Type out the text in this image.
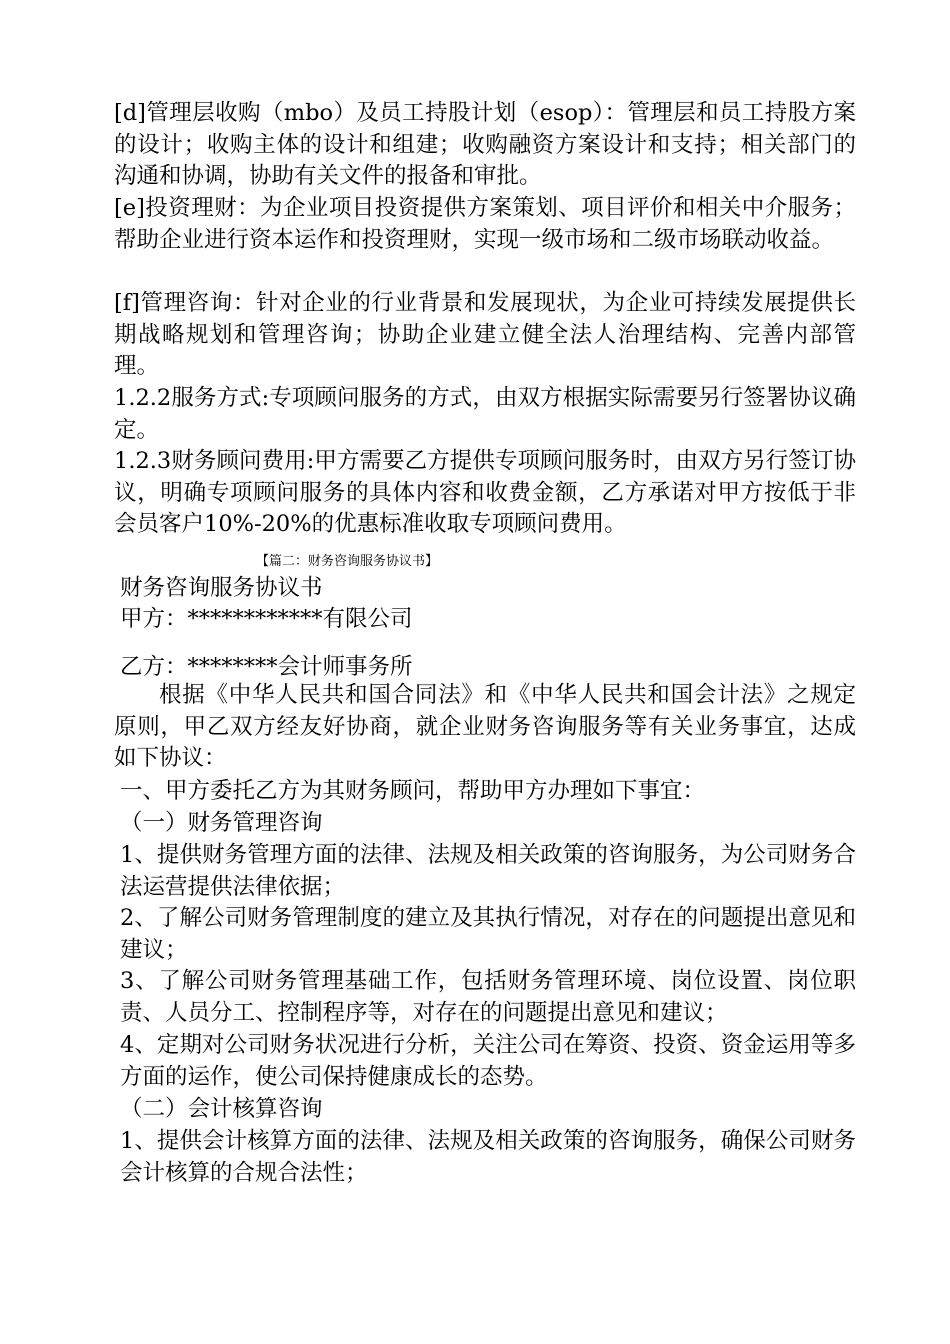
[d]管理层收购（mbo）及员工持股计划（esop）：管理层和员工持股方案的设计；收购主体的设计和组建；收购融资方案设计和支持；相关部门的沟通和协调，协助有关文件的报备和审批。

[e]投资理财：为企业项目投资提供方案策划、项目评价和相关中介服务；帮助企业进行资本运作和投资理财，实现一级市场和二级市场联动收益。

[f]管理咨询：针对企业的行业背景和发展现状，为企业可持续发展提供长期战略规划和管理咨询；协助企业建立健全法人治理结构、完善内部管理。

1.2.2服务方式:专项顾问服务的方式，由双方根据实际需要另行签署协议确定。

1.2.3财务顾问费用:甲方需要乙方提供专项顾问服务时，由双方另行签订协议，明确专项顾问服务的具体内容和收费金额，乙方承诺对甲方按低于非会员客户10%-20%的优惠标准收取专项顾问费用。

【篇二：财务咨询服务协议书】

财务咨询服务协议书

甲方：************有限公司

乙方：********会计师事务所

根据《中华人民共和国合同法》和《中华人民共和国会计法》之规定原则，甲乙双方经友好协商，就企业财务咨询服务等有关业务事宜，达成如下协议：

一、甲方委托乙方为其财务顾问，帮助甲方办理如下事宜：

（一）财务管理咨询

1、提供财务管理方面的法律、法规及相关政策的咨询服务，为公司财务合法运营提供法律依据；

2、了解公司财务管理制度的建立及其执行情况，对存在的问题提出意见和建议；

3、了解公司财务管理基础工作，包括财务管理环境、岗位设置、岗位职责、人员分工、控制程序等，对存在的问题提出意见和建议；

4、定期对公司财务状况进行分析，关注公司在筹资、投资、资金运用等多方面的运作，使公司保持健康成长的态势。

（二）会计核算咨询

1、提供会计核算方面的法律、法规及相关政策的咨询服务，确保公司财务会计核算的合规合法性；
